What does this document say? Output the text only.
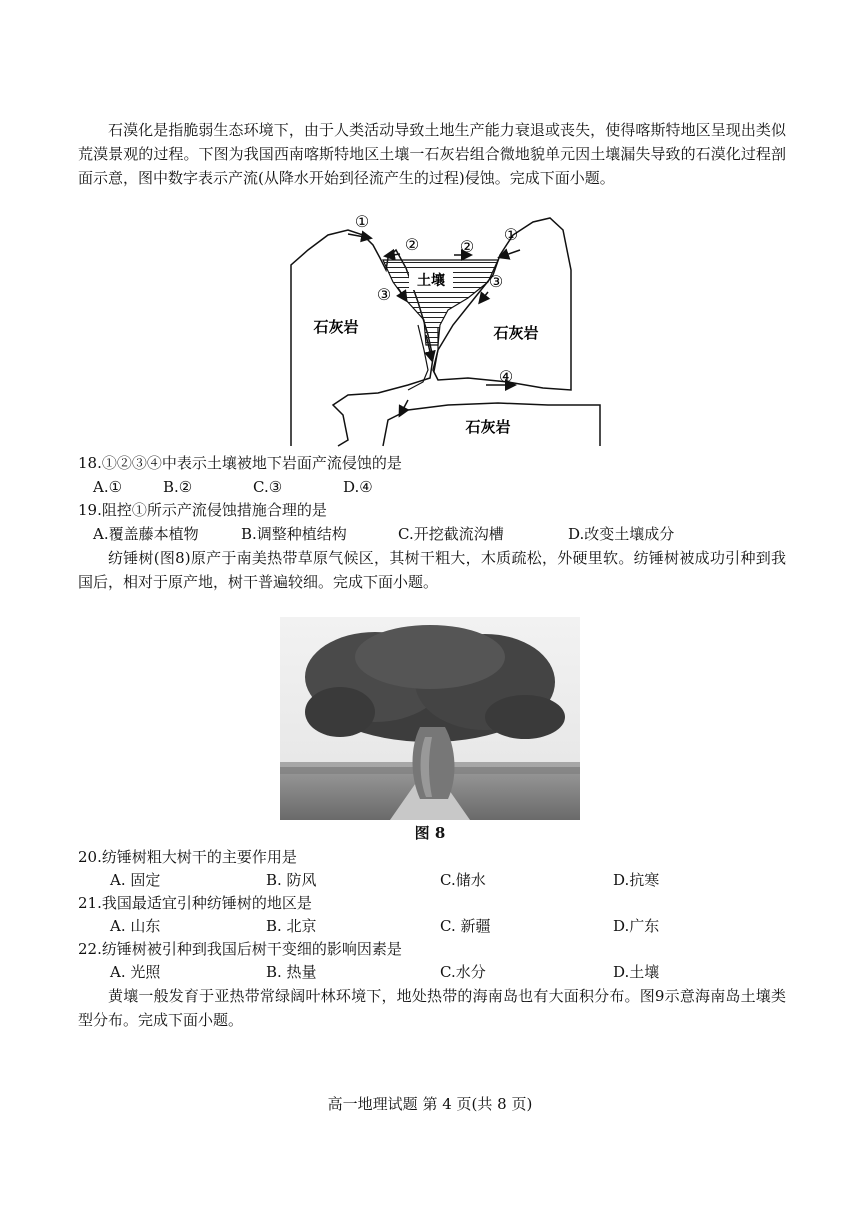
石漠化是指脆弱生态环境下，由于人类活动导致土地生产能力衰退或丧失，使得喀斯特地区呈现出类似荒漠景观的过程。下图为我国西南喀斯特地区土壤一石灰岩组合微地貌单元因土壤漏失导致的石漠化过程剖面示意，图中数字表示产流(从降水开始到径流产生的过程)侵蚀。完成下面小题。

土壤
石灰岩	石灰岩
石灰岩
①
①
②	②
③
③
④
18.①②③④中表示土壤被地下岩面产流侵蚀的是
A.①	B.②	C.③	D.④
19.阻控①所示产流侵蚀措施合理的是
A.覆盖藤本植物	B.调整种植结构	C.开挖截流沟槽	D.改变土壤成分

纺锤树(图8)原产于南美热带草原气候区，其树干粗大，木质疏松，外硬里软。纺锤树被成功引种到我国后，相对于原产地，树干普遍较细。完成下面小题。

图 8
20.纺锤树粗大树干的主要作用是
A. 固定	B. 防风	C.储水	D.抗寒
21.我国最适宜引种纺锤树的地区是
A. 山东	B. 北京	C. 新疆	D.广东
22.纺锤树被引种到我国后树干变细的影响因素是
A. 光照	B. 热量	C.水分	D.土壤

黄壤一般发育于亚热带常绿阔叶林环境下，地处热带的海南岛也有大面积分布。图9示意海南岛土壤类型分布。完成下面小题。

高一地理试题 第 4 页(共 8 页)
